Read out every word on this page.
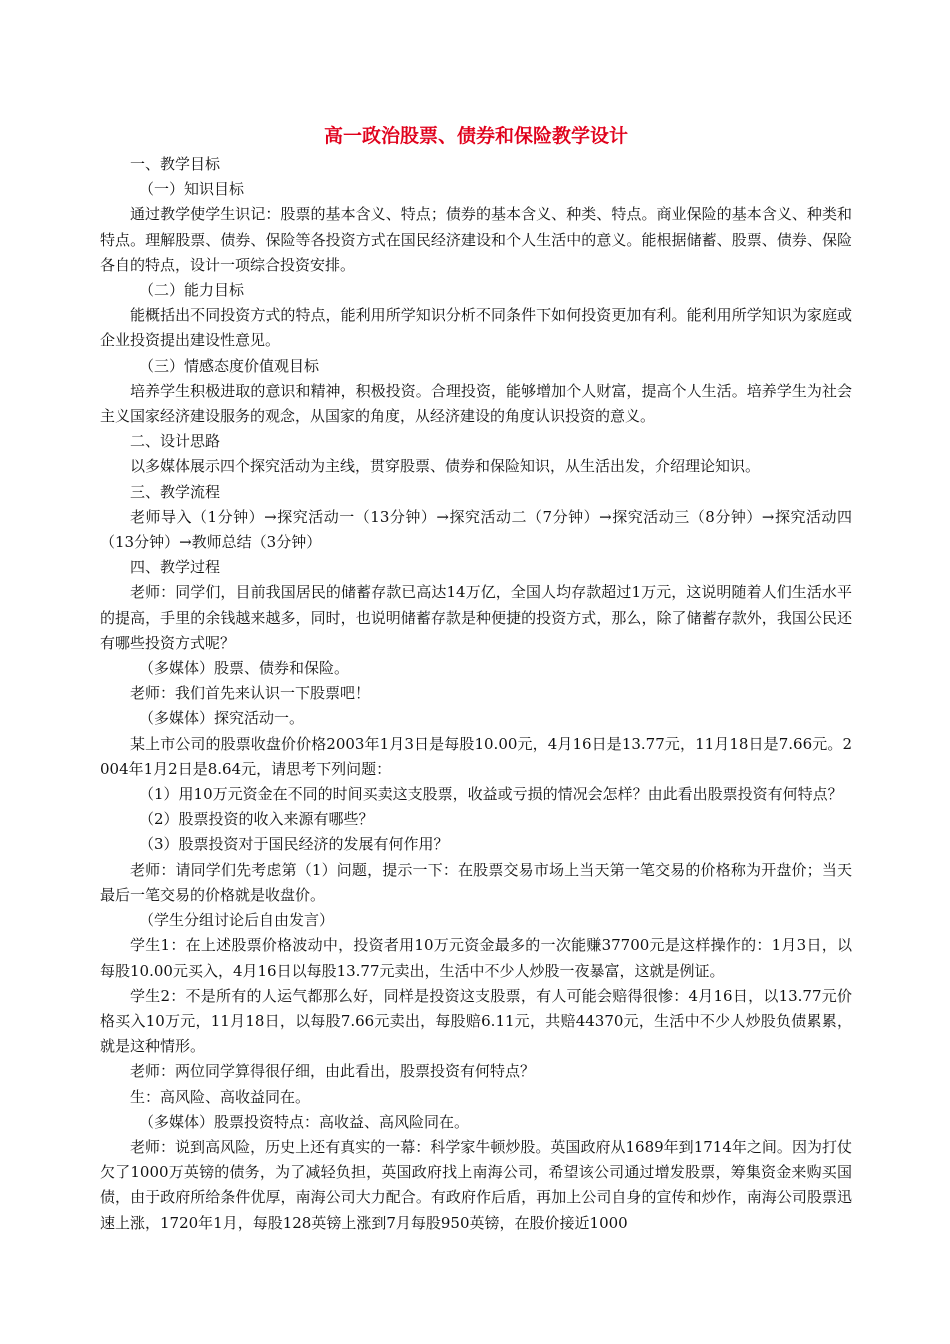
高一政治股票、债券和保险教学设计

一、教学目标

（一）知识目标

通过教学使学生识记：股票的基本含义、特点；债券的基本含义、种类、特点。商业保险的基本含义、种类和特点。理解股票、债券、保险等各投资方式在国民经济建设和个人生活中的意义。能根据储蓄、股票、债券、保险各自的特点，设计一项综合投资安排。

（二）能力目标

能概括出不同投资方式的特点，能利用所学知识分析不同条件下如何投资更加有利。能利用所学知识为家庭或企业投资提出建设性意见。

（三）情感态度价值观目标

培养学生积极进取的意识和精神，积极投资。合理投资，能够增加个人财富，提高个人生活。培养学生为社会主义国家经济建设服务的观念，从国家的角度，从经济建设的角度认识投资的意义。

二、设计思路

以多媒体展示四个探究活动为主线，贯穿股票、债券和保险知识，从生活出发，介绍理论知识。

三、教学流程

老师导入（1分钟）→探究活动一（13分钟）→探究活动二（7分钟）→探究活动三（8分钟）→探究活动四（13分钟）→教师总结（3分钟）

四、教学过程

老师：同学们，目前我国居民的储蓄存款已高达14万亿，全国人均存款超过1万元，这说明随着人们生活水平的提高，手里的余钱越来越多，同时，也说明储蓄存款是种便捷的投资方式，那么，除了储蓄存款外，我国公民还有哪些投资方式呢？

（多媒体）股票、债券和保险。

老师：我们首先来认识一下股票吧！

（多媒体）探究活动一。

某上市公司的股票收盘价价格2003年1月3日是每股10.00元，4月16日是13.77元，11月18日是7.66元。2004年1月2日是8.64元，请思考下列问题：

（1）用10万元资金在不同的时间买卖这支股票，收益或亏损的情况会怎样？由此看出股票投资有何特点？

（2）股票投资的收入来源有哪些？

（3）股票投资对于国民经济的发展有何作用？

老师：请同学们先考虑第（1）问题，提示一下：在股票交易市场上当天第一笔交易的价格称为开盘价；当天最后一笔交易的价格就是收盘价。

（学生分组讨论后自由发言）

学生1：在上述股票价格波动中，投资者用10万元资金最多的一次能赚37700元是这样操作的：1月3日，以每股10.00元买入，4月16日以每股13.77元卖出，生活中不少人炒股一夜暴富，这就是例证。

学生2：不是所有的人运气都那么好，同样是投资这支股票，有人可能会赔得很惨：4月16日，以13.77元价格买入10万元，11月18日，以每股7.66元卖出，每股赔6.11元，共赔44370元，生活中不少人炒股负债累累，就是这种情形。

老师：两位同学算得很仔细，由此看出，股票投资有何特点？

生：高风险、高收益同在。

（多媒体）股票投资特点：高收益、高风险同在。

老师：说到高风险，历史上还有真实的一幕：科学家牛顿炒股。英国政府从1689年到1714年之间。因为打仗欠了1000万英镑的债务，为了减轻负担，英国政府找上南海公司，希望该公司通过增发股票，筹集资金来购买国债，由于政府所给条件优厚，南海公司大力配合。有政府作后盾，再加上公司自身的宣传和炒作，南海公司股票迅速上涨，1720年1月，每股128英镑上涨到7月每股950英镑，在股价接近1000
